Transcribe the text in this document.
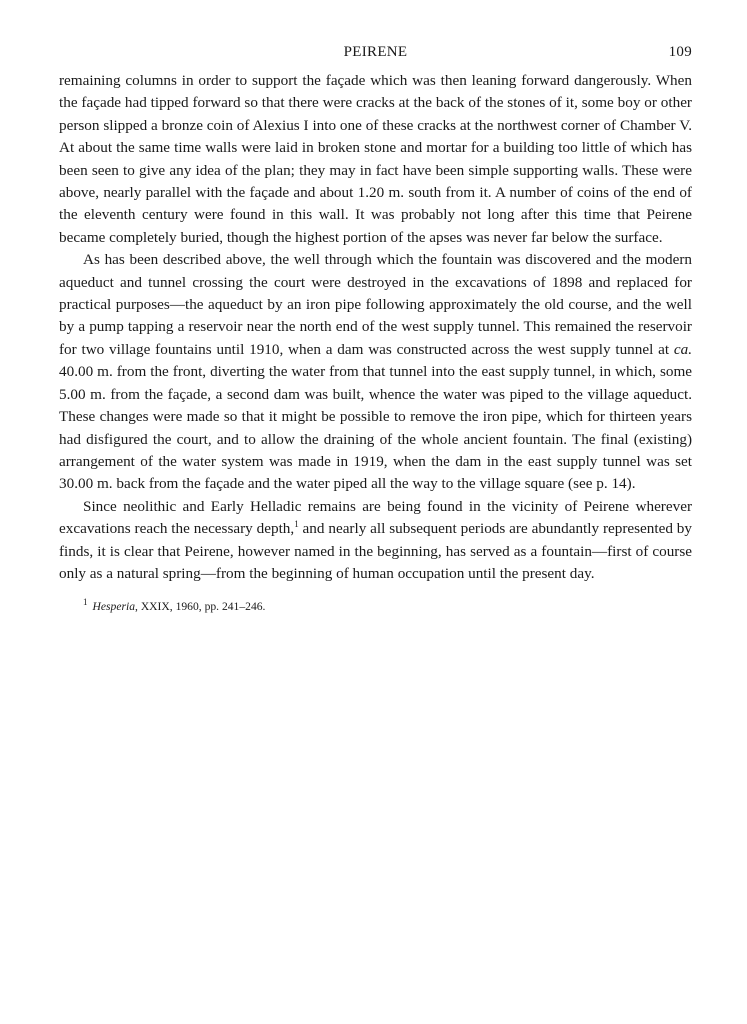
PEIRENE	109

remaining columns in order to support the façade which was then leaning forward dangerously. When the façade had tipped forward so that there were cracks at the back of the stones of it, some boy or other person slipped a bronze coin of Alexius I into one of these cracks at the northwest corner of Chamber V. At about the same time walls were laid in broken stone and mortar for a building too little of which has been seen to give any idea of the plan; they may in fact have been simple supporting walls. These were above, nearly parallel with the façade and about 1.20 m. south from it. A number of coins of the end of the eleventh century were found in this wall. It was probably not long after this time that Peirene became completely buried, though the highest portion of the apses was never far below the surface.

As has been described above, the well through which the fountain was discovered and the modern aqueduct and tunnel crossing the court were destroyed in the excavations of 1898 and replaced for practical purposes—the aqueduct by an iron pipe following approximately the old course, and the well by a pump tapping a reservoir near the north end of the west supply tunnel. This remained the reservoir for two village fountains until 1910, when a dam was constructed across the west supply tunnel at ca. 40.00 m. from the front, diverting the water from that tunnel into the east supply tunnel, in which, some 5.00 m. from the façade, a second dam was built, whence the water was piped to the village aqueduct. These changes were made so that it might be possible to remove the iron pipe, which for thirteen years had disfigured the court, and to allow the draining of the whole ancient fountain. The final (existing) arrangement of the water system was made in 1919, when the dam in the east supply tunnel was set 30.00 m. back from the façade and the water piped all the way to the village square (see p. 14).

Since neolithic and Early Helladic remains are being found in the vicinity of Peirene wherever excavations reach the necessary depth,$^1$ and nearly all subsequent periods are abundantly represented by finds, it is clear that Peirene, however named in the beginning, has served as a fountain—first of course only as a natural spring—from the beginning of human occupation until the present day.

$^1$ Hesperia, XXIX, 1960, pp. 241–246.
